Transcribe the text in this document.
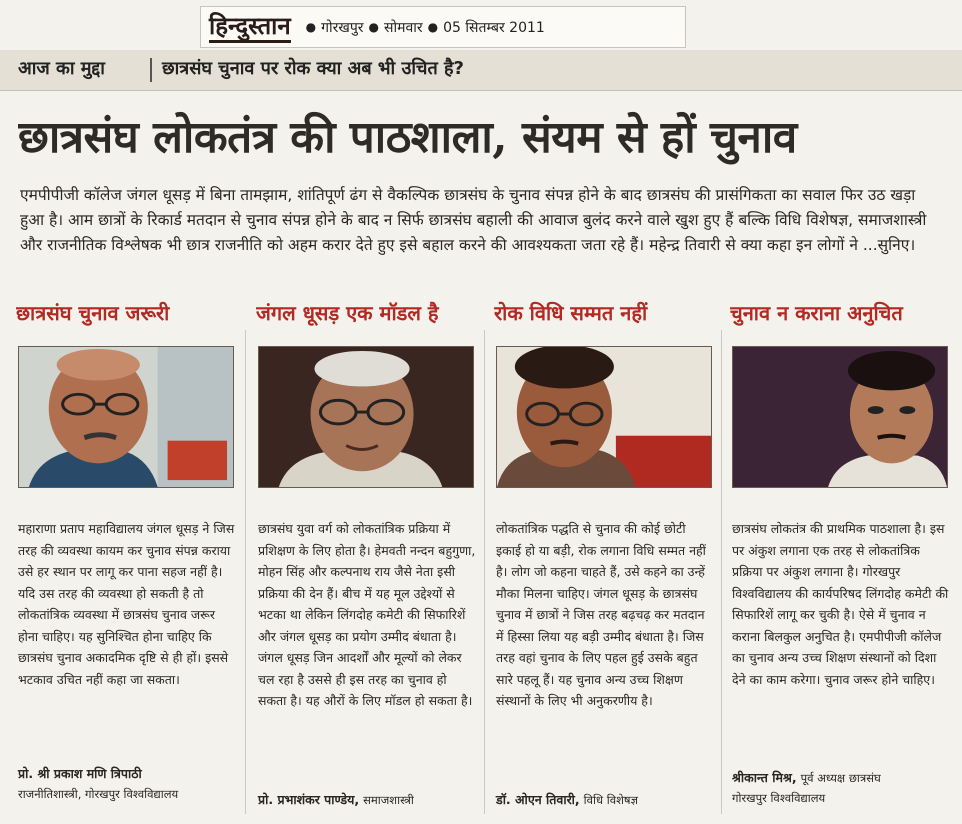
हिन्दुस्तान ● गोरखपुर ● सोमवार ● 05 सितम्बर 2011
आज का मुद्दा	छात्रसंघ चुनाव पर रोक क्या अब भी उचित है?
छात्रसंघ लोकतंत्र की पाठशाला, संयम से हों चुनाव
एमपीपीजी कॉलेज जंगल धूसड़ में बिना तामझाम, शांतिपूर्ण ढंग से वैकल्पिक छात्रसंघ के चुनाव संपन्न होने के बाद छात्रसंघ की प्रासंगिकता का सवाल फिर उठ खड़ा हुआ है। आम छात्रों के रिकार्ड मतदान से चुनाव संपन्न होने के बाद न सिर्फ छात्रसंघ बहाली की आवाज बुलंद करने वाले खुश हुए हैं बल्कि विधि विशेषज्ञ, समाजशास्त्री और राजनीतिक विश्लेषक भी छात्र राजनीति को अहम करार देते हुए इसे बहाल करने की आवश्यकता जता रहे हैं। महेन्द्र तिवारी से क्या कहा इन लोगों ने ...सुनिए।
छात्रसंघ चुनाव जरूरी
महाराणा प्रताप महाविद्यालय जंगल धूसड़ ने जिस तरह की व्यवस्था कायम कर चुनाव संपन्न कराया उसे हर स्थान पर लागू कर पाना सहज नहीं है। यदि उस तरह की व्यवस्था हो सकती है तो लोकतांत्रिक व्यवस्था में छात्रसंघ चुनाव जरूर होना चाहिए। यह सुनिश्चित होना चाहिए कि छात्रसंघ चुनाव अकादमिक दृष्टि से ही हों। इससे भटकाव उचित नहीं कहा जा सकता।
प्रो. श्री प्रकाश मणि त्रिपाठी
राजनीतिशास्त्री, गोरखपुर विश्वविद्यालय
जंगल धूसड़ एक मॉडल है
छात्रसंघ युवा वर्ग को लोकतांत्रिक प्रक्रिया में प्रशिक्षण के लिए होता है। हेमवती नन्दन बहुगुणा, मोहन सिंह और कल्पनाथ राय जैसे नेता इसी प्रक्रिया की देन हैं। बीच में यह मूल उद्देश्यों से भटका था लेकिन लिंगदोह कमेटी की सिफारिशें और जंगल धूसड़ का प्रयोग उम्मीद बंधाता है। जंगल धूसड़ जिन आदर्शों और मूल्यों को लेकर चल रहा है उससे ही इस तरह का चुनाव हो सकता है। यह औरों के लिए मॉडल हो सकता है।
प्रो. प्रभाशंकर पाण्डेय, समाजशास्त्री
रोक विधि सम्मत नहीं
लोकतांत्रिक पद्धति से चुनाव की कोई छोटी इकाई हो या बड़ी, रोक लगाना विधि सम्मत नहीं है। लोग जो कहना चाहते हैं, उसे कहने का उन्हें मौका मिलना चाहिए। जंगल धूसड़ के छात्रसंघ चुनाव में छात्रों ने जिस तरह बढ़चढ़ कर मतदान में हिस्सा लिया यह बड़ी उम्मीद बंधाता है। जिस तरह वहां चुनाव के लिए पहल हुई उसके बहुत सारे पहलू हैं। यह चुनाव अन्य उच्च शिक्षण संस्थानों के लिए भी अनुकरणीय है।
डॉ. ओएन तिवारी, विधि विशेषज्ञ
चुनाव न कराना अनुचित
छात्रसंघ लोकतंत्र की प्राथमिक पाठशाला है। इस पर अंकुश लगाना एक तरह से लोकतांत्रिक प्रक्रिया पर अंकुश लगाना है। गोरखपुर विश्वविद्यालय की कार्यपरिषद लिंगदोह कमेटी की सिफारिशें लागू कर चुकी है। ऐसे में चुनाव न कराना बिलकुल अनुचित है। एमपीपीजी कॉलेज का चुनाव अन्य उच्च शिक्षण संस्थानों को दिशा देने का काम करेगा। चुनाव जरूर होने चाहिए।
श्रीकान्त मिश्र, पूर्व अध्यक्ष छात्रसंघ
गोरखपुर विश्वविद्यालय
